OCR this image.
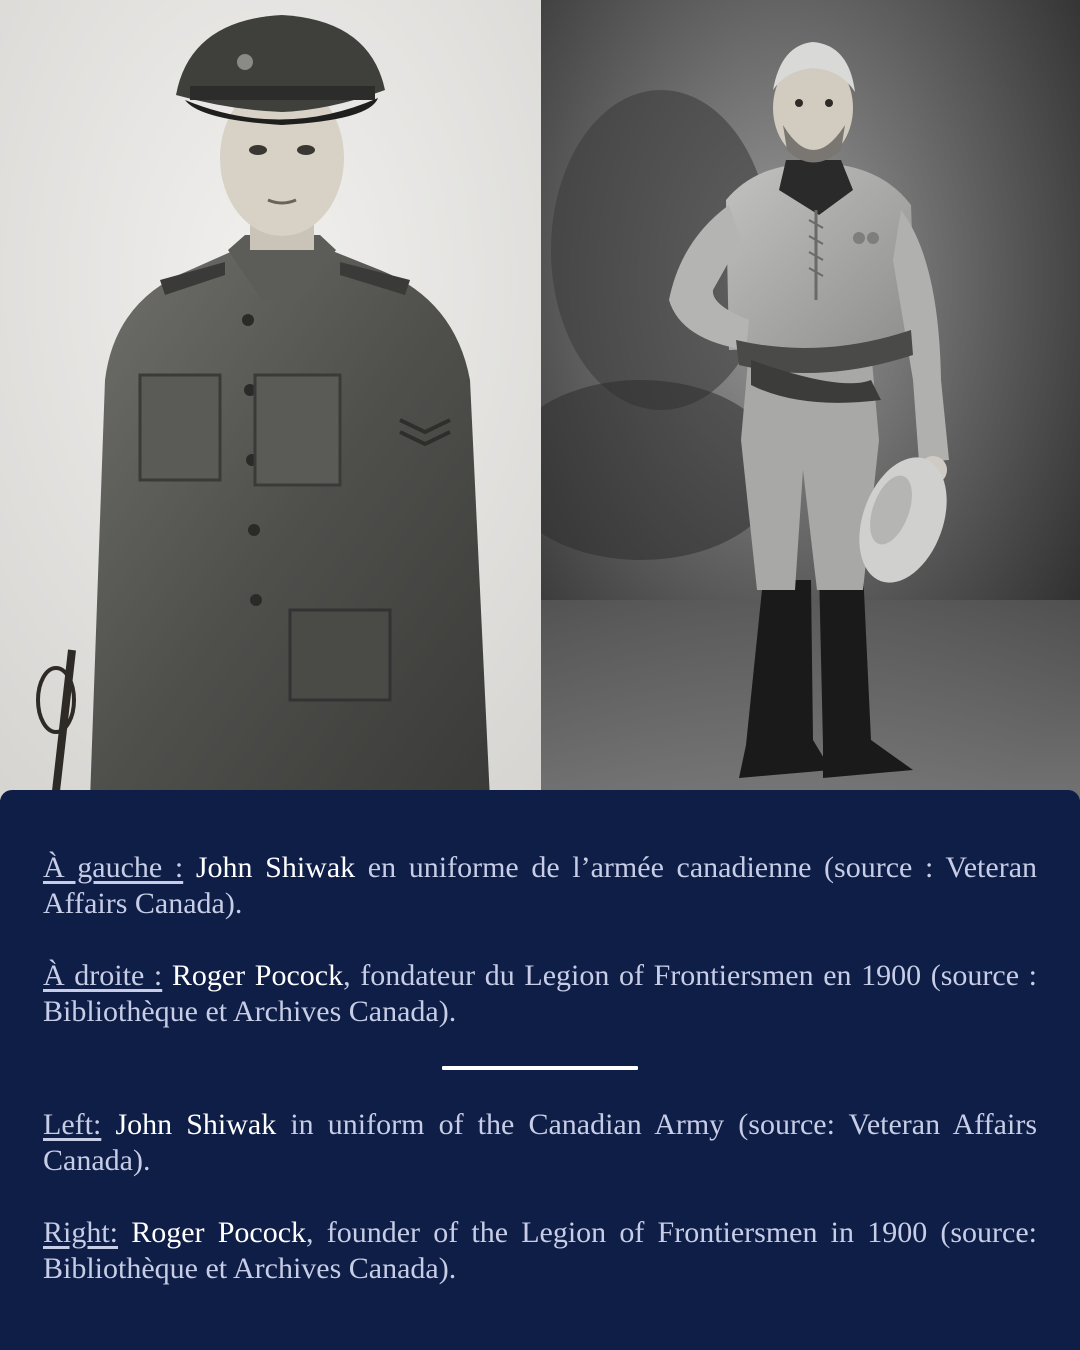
À gauche : John Shiwak en uniforme de l’armée canadienne (source : Veteran Affairs Canada).

À droite : Roger Pocock, fondateur du Legion of Frontiersmen en 1900 (source : Bibliothèque et Archives Canada).

Left: John Shiwak in uniform of the Canadian Army (source: Veteran Affairs Canada).

Right: Roger Pocock, founder of the Legion of Frontiersmen in 1900 (source: Bibliothèque et Archives Canada).
